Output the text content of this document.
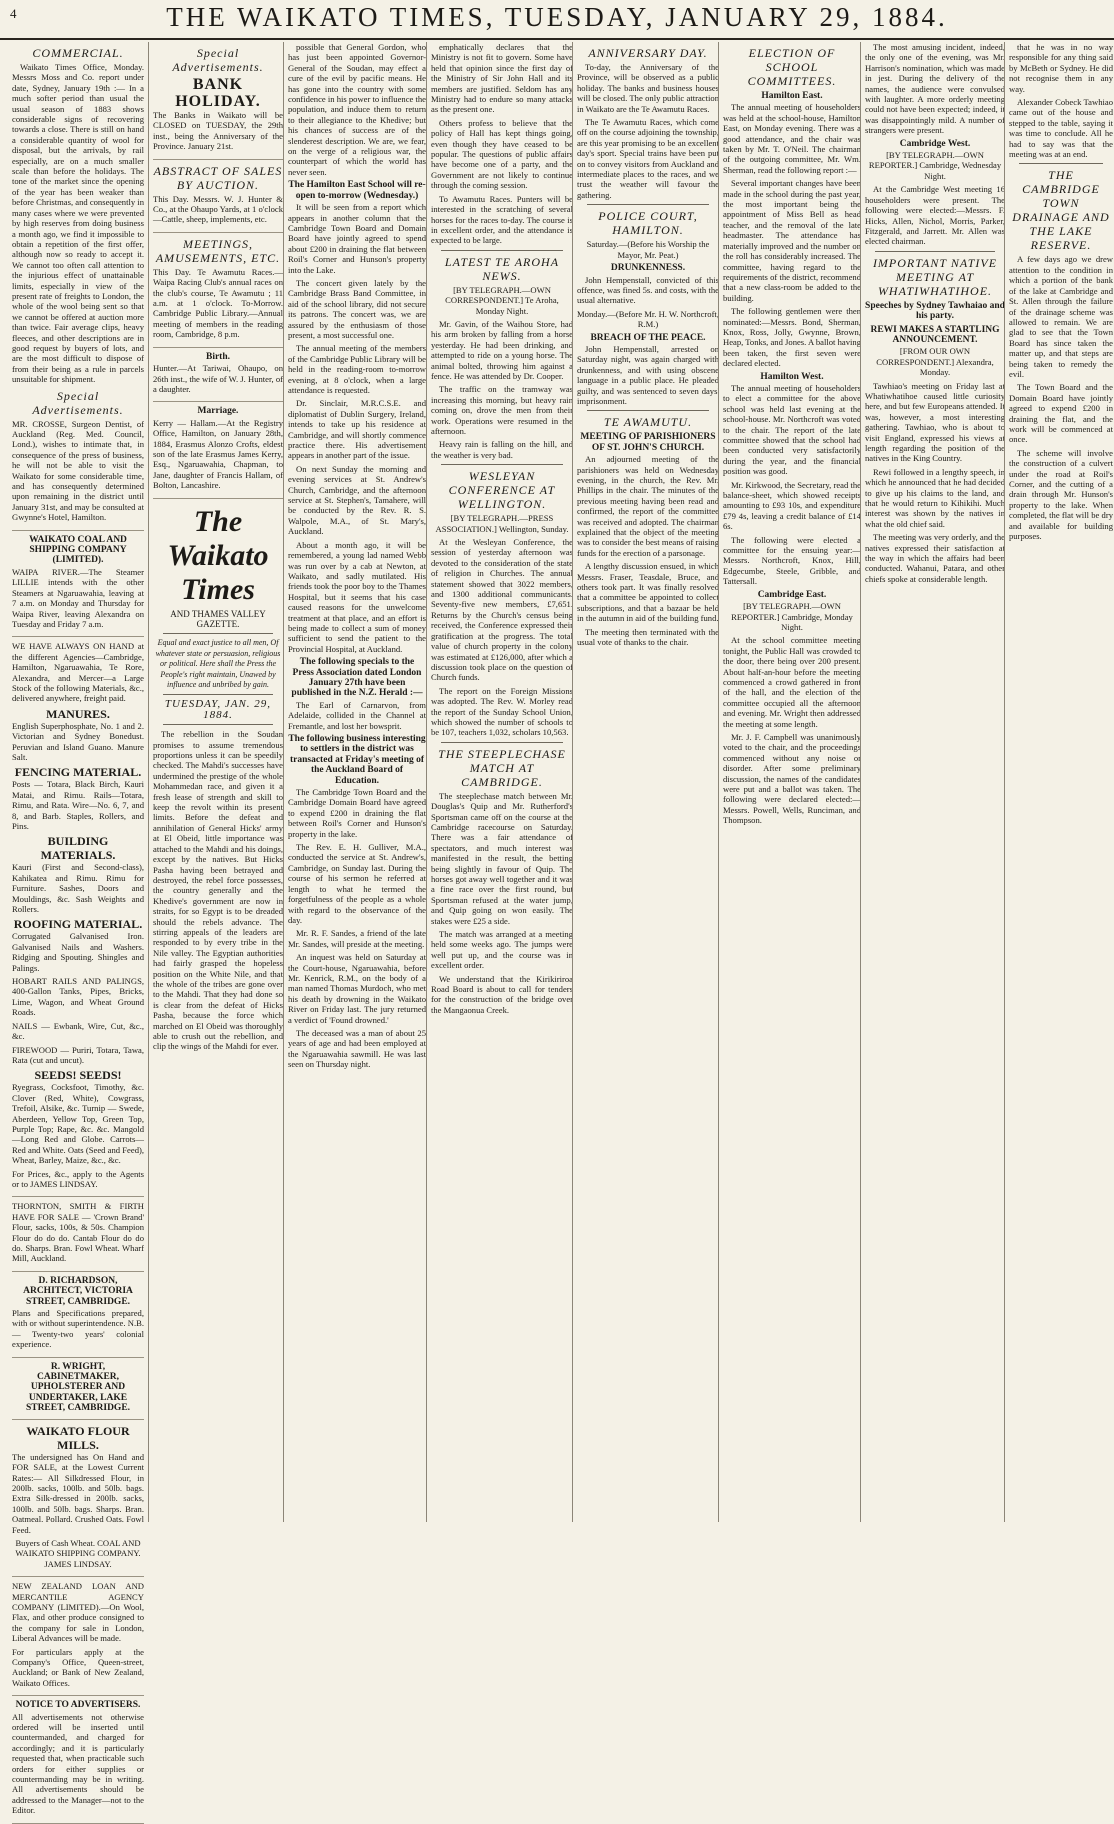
4	THE WAIKATO TIMES, TUESDAY, JANUARY 29, 1884.
COMMERCIAL.

Waikato Times Office, Monday. Messrs Moss and Co. report under date, Sydney, January 19th :— In a much softer period than usual the usual season of 1883 shows considerable signs of recovering towards a close. There is still on hand a considerable quantity of wool for disposal, but the arrivals, by rail especially, are on a much smaller scale than before the holidays. The tone of the market since the opening of the year has been weaker than before Christmas, and consequently in many cases where we were prevented by high reserves from doing business a month ago, we find it impossible to obtain a repetition of the first offer, although now so ready to accept it. We cannot too often call attention to the injurious effect of unattainable limits, especially in view of the present rate of freights to London, the whole of the wool being sent so that we cannot be offered at auction more than twice. Fair average clips, heavy fleeces, and other descriptions are in good request by buyers of lots, and are the most difficult to dispose of from their being as a rule in parcels unsuitable for shipment.

Special Advertisements.

MR. CROSSE, Surgeon Dentist, of Auckland (Reg. Med. Council, Lond.), wishes to intimate that, in consequence of the press of business, he will not be able to visit the Waikato for some considerable time, and has consequently determined upon remaining in the district until January 31st, and may be consulted at Gwynne's Hotel, Hamilton.

WAIKATO COAL AND SHIPPING COMPANY (LIMITED).

WAIPA RIVER.—The Steamer LILLIE intends with the other Steamers at Ngaruawahia, leaving at 7 a.m. on Monday and Thursday for Waipa River, leaving Alexandra on Tuesday and Friday 7 a.m.

WE HAVE ALWAYS ON HAND at the different Agencies—Cambridge, Hamilton, Ngaruawahia, Te Rore, Alexandra, and Mercer—a Large Stock of the following Materials, &c., delivered anywhere, freight paid.

MANURES.

English Superphosphate, No. 1 and 2. Victorian and Sydney Bonedust. Peruvian and Island Guano. Manure Salt.

FENCING MATERIAL.

Posts — Totara, Black Birch, Kauri Matai, and Rimu. Rails—Totara, Rimu, and Rata. Wire—No. 6, 7, and 8, and Barb. Staples, Rollers, and Pins.

BUILDING MATERIALS.

Kauri (First and Second-class), Kahikatea and Rimu. Rimu for Furniture. Sashes, Doors and Mouldings, &c. Sash Weights and Rollers.

ROOFING MATERIAL.

Corrugated Galvanised Iron. Galvanised Nails and Washers. Ridging and Spouting. Shingles and Palings.

HOBART RAILS AND PALINGS, 400-Gallon Tanks, Pipes, Bricks, Lime, Wagon, and Wheat Ground Roads.

NAILS — Ewbank, Wire, Cut, &c., &c.

FIREWOOD — Puriri, Totara, Tawa, Rata (cut and uncut).

SEEDS! SEEDS!

Ryegrass, Cocksfoot, Timothy, &c. Clover (Red, White), Cowgrass, Trefoil, Alsike, &c. Turnip — Swede, Aberdeen, Yellow Top, Green Top, Purple Top; Rape, &c. &c. Mangold—Long Red and Globe. Carrots—Red and White. Oats (Seed and Feed), Wheat, Barley, Maize, &c., &c.

For Prices, &c., apply to the Agents or to JAMES LINDSAY.

THORNTON, SMITH & FIRTH HAVE FOR SALE — 'Crown Brand' Flour, sacks, 100s, & 50s. Champion Flour do do do. Cantab Flour do do do. Sharps. Bran. Fowl Wheat. Wharf Mill, Auckland.

D. RICHARDSON, ARCHITECT, VICTORIA STREET, CAMBRIDGE.

Plans and Specifications prepared, with or without superintendence. N.B. — Twenty-two years' colonial experience.

R. WRIGHT, CABINETMAKER, UPHOLSTERER AND UNDERTAKER, LAKE STREET, CAMBRIDGE.
WAIKATO FLOUR MILLS.

The undersigned has On Hand and FOR SALE, at the Lowest Current Rates:— All Silkdressed Flour, in 200lb. sacks, 100lb. and 50lb. bags. Extra Silk-dressed in 200lb. sacks, 100lb. and 50lb. bags. Sharps. Bran. Oatmeal. Pollard. Crushed Oats. Fowl Feed.

Buyers of Cash Wheat. COAL AND WAIKATO SHIPPING COMPANY. JAMES LINDSAY.

NEW ZEALAND LOAN AND MERCANTILE AGENCY COMPANY (LIMITED).—On Wool, Flax, and other produce consigned to the company for sale in London, Liberal Advances will be made.

For particulars apply at the Company's Office, Queen-street, Auckland; or Bank of New Zealand, Waikato Offices.

NOTICE TO ADVERTISERS.

All advertisements not otherwise ordered will be inserted until countermanded, and charged for accordingly; and it is particularly requested that, when practicable such orders for either supplies or countermanding may be in writing. All advertisements should be addressed to the Manager—not to the Editor.

Special Advertisements.
BANK HOLIDAY.

The Banks in Waikato will be CLOSED on TUESDAY, the 29th inst., being the Anniversary of the Province. January 21st.

ABSTRACT OF SALES BY AUCTION.

This Day. Messrs. W. J. Hunter & Co., at the Ohaupo Yards, at 1 o'clock—Cattle, sheep, implements, etc.

MEETINGS, AMUSEMENTS, ETC.

This Day. Te Awamutu Races.—Waipa Racing Club's annual races on the club's course, Te Awamutu ; 11 a.m. at 1 o'clock. To-Morrow. Cambridge Public Library.—Annual meeting of members in the reading room, Cambridge, 8 p.m.

Birth.

Hunter.—At Tariwai, Ohaupo, on 26th inst., the wife of W. J. Hunter, of a daughter.

Marriage.

Kerry — Hallam.—At the Registry Office, Hamilton, on January 28th, 1884, Erasmus Alonzo Crofts, eldest son of the late Erasmus James Kerry, Esq., Ngaruawahia, Chapman, to Jane, daughter of Francis Hallam, of Bolton, Lancashire.

The Waikato Times
AND THAMES VALLEY GAZETTE.

Equal and exact justice to all men, Of whatever state or persuasion, religious or political. Here shall the Press the People's right maintain, Unawed by influence and unbribed by gain.

TUESDAY, JAN. 29, 1884.

The rebellion in the Soudan promises to assume tremendous proportions unless it can be speedily checked. The Mahdi's successes have undermined the prestige of the whole Mohammedan race, and given it a fresh lease of strength and skill to keep the revolt within its present limits. Before the defeat and annihilation of General Hicks' army at El Obeid, little importance was attached to the Mahdi and his doings, except by the natives. But Hicks Pasha having been betrayed and destroyed, the rebel force possesses, the country generally and the Khedive's government are now in straits, for so Egypt is to be dreaded should the rebels advance. The stirring appeals of the leaders are responded to by every tribe in the Nile valley. The Egyptian authorities had fairly grasped the hopeless position on the White Nile, and that the whole of the tribes are gone over to the Mahdi. That they had done so is clear from the defeat of Hicks Pasha, because the force which marched on El Obeid was thoroughly able to crush out the rebellion, and clip the wings of the Mahdi for ever.

possible that General Gordon, who has just been appointed Governor-General of the Soudan, may effect a cure of the evil by pacific means. He has gone into the country with some confidence in his power to influence the population, and induce them to return to their allegiance to the Khedive; but his chances of success are of the slenderest description. We are, we fear, on the verge of a religious war, the counterpart of which the world has never seen.

The Hamilton East School will re-open to-morrow (Wednesday.)

It will be seen from a report which appears in another column that the Cambridge Town Board and Domain Board have jointly agreed to spend about £200 in draining the flat between Roil's Corner and Hunson's property into the Lake.

The concert given lately by the Cambridge Brass Band Committee, in aid of the school library, did not secure its patrons. The concert was, we are assured by the enthusiasm of those present, a most successful one.

The annual meeting of the members of the Cambridge Public Library will be held in the reading-room to-morrow evening, at 8 o'clock, when a large attendance is requested.

Dr. Sinclair, M.R.C.S.E. and diplomatist of Dublin Surgery, Ireland, intends to take up his residence at Cambridge, and will shortly commence practice there. His advertisement appears in another part of the issue.

On next Sunday the morning and evening services at St. Andrew's Church, Cambridge, and the afternoon service at St. Stephen's, Tamahere, will be conducted by the Rev. R. S. Walpole, M.A., of St. Mary's, Auckland.

About a month ago, it will be remembered, a young lad named Webb was run over by a cab at Newton, at Waikato, and sadly mutilated. His friends took the poor boy to the Thames Hospital, but it seems that his case caused reasons for the unwelcome treatment at that place, and an effort is being made to collect a sum of money sufficient to send the patient to the Provincial Hospital, at Auckland.

The following specials to the Press Association dated London January 27th have been published in the N.Z. Herald :—

The Earl of Carnarvon, from Adelaide, collided in the Channel at Fremantle, and lost her bowsprit.

The following business interesting to settlers in the district was transacted at Friday's meeting of the Auckland Board of Education.

The Cambridge Town Board and the Cambridge Domain Board have agreed to expend £200 in draining the flat between Roil's Corner and Hunson's property in the lake.

The Rev. E. H. Gulliver, M.A., conducted the service at St. Andrew's, Cambridge, on Sunday last. During the course of his sermon he referred at length to what he termed the forgetfulness of the people as a whole with regard to the observance of the day.

Mr. R. F. Sandes, a friend of the late Mr. Sandes, will preside at the meeting.

An inquest was held on Saturday at the Court-house, Ngaruawahia, before Mr. Kenrick, R.M., on the body of a man named Thomas Murdoch, who met his death by drowning in the Waikato River on Friday last. The jury returned a verdict of 'Found drowned.'

The deceased was a man of about 25 years of age and had been employed at the Ngaruawahia sawmill. He was last seen on Thursday night.

emphatically declares that the Ministry is not fit to govern. Some have held that opinion since the first day of the Ministry of Sir John Hall and its members are justified. Seldom has any Ministry had to endure so many attacks as the present one.

Others profess to believe that the policy of Hall has kept things going, even though they have ceased to be popular. The questions of public affairs have become one of a party, and the Government are not likely to continue through the coming session.

To Awamutu Races. Punters will be interested in the scratching of several horses for the races to-day. The course is in excellent order, and the attendance is expected to be large.

LATEST TE AROHA NEWS.

[BY TELEGRAPH.—OWN CORRESPONDENT.] Te Aroha, Monday Night.

Mr. Gavin, of the Waihou Store, had his arm broken by falling from a horse yesterday. He had been drinking, and attempted to ride on a young horse. The animal bolted, throwing him against a fence. He was attended by Dr. Cooper.

The traffic on the tramway was increasing this morning, but heavy rain coming on, drove the men from their work. Operations were resumed in the afternoon.

Heavy rain is falling on the hill, and the weather is very bad.

WESLEYAN CONFERENCE AT WELLINGTON.

[BY TELEGRAPH.—PRESS ASSOCIATION.] Wellington, Sunday.

At the Wesleyan Conference, the session of yesterday afternoon was devoted to the consideration of the state of religion in Churches. The annual statement showed that 3022 members, and 1300 additional communicants. Seventy-five new members, £7,651. Returns by the Church's census being received, the Conference expressed their gratification at the progress. The total value of church property in the colony was estimated at £126,000, after which a discussion took place on the question of Church funds.

The report on the Foreign Missions was adopted. The Rev. W. Morley read the report of the Sunday School Union, which showed the number of schools to be 107, teachers 1,032, scholars 10,563.

THE STEEPLECHASE MATCH AT CAMBRIDGE.

The steeplechase match between Mr. Douglas's Quip and Mr. Rutherford's Sportsman came off on the course at the Cambridge racecourse on Saturday. There was a fair attendance of spectators, and much interest was manifested in the result, the betting being slightly in favour of Quip. The horses got away well together and it was a fine race over the first round, but Sportsman refused at the water jump, and Quip going on won easily. The stakes were £25 a side.

The match was arranged at a meeting held some weeks ago. The jumps were well put up, and the course was in excellent order.

We understand that the Kirikiriroa Road Board is about to call for tenders for the construction of the bridge over the Mangaonua Creek.

ANNIVERSARY DAY.

To-day, the Anniversary of the Province, will be observed as a public holiday. The banks and business houses will be closed. The only public attraction in Waikato are the Te Awamutu Races.

The Te Awamutu Races, which come off on the course adjoining the township, are this year promising to be an excellent day's sport. Special trains have been put on to convey visitors from Auckland and intermediate places to the races, and we trust the weather will favour the gathering.

POLICE COURT, HAMILTON.

Saturday.—(Before his Worship the Mayor, Mr. Peat.)

DRUNKENNESS.

John Hempenstall, convicted of this offence, was fined 5s. and costs, with the usual alternative.

Monday.—(Before Mr. H. W. Northcroft, R.M.)

BREACH OF THE PEACE.

John Hempenstall, arrested on Saturday night, was again charged with drunkenness, and with using obscene language in a public place. He pleaded guilty, and was sentenced to seven days' imprisonment.

TE AWAMUTU.
MEETING OF PARISHIONERS OF ST. JOHN'S CHURCH.

An adjourned meeting of the parishioners was held on Wednesday evening, in the church, the Rev. Mr. Phillips in the chair. The minutes of the previous meeting having been read and confirmed, the report of the committee was received and adopted. The chairman explained that the object of the meeting was to consider the best means of raising funds for the erection of a parsonage.

A lengthy discussion ensued, in which Messrs. Fraser, Teasdale, Bruce, and others took part. It was finally resolved that a committee be appointed to collect subscriptions, and that a bazaar be held in the autumn in aid of the building fund.

The meeting then terminated with the usual vote of thanks to the chair.

ELECTION OF SCHOOL COMMITTEES.
Hamilton East.

The annual meeting of householders was held at the school-house, Hamilton East, on Monday evening. There was a good attendance, and the chair was taken by Mr. T. O'Neil. The chairman of the outgoing committee, Mr. Wm. Sherman, read the following report :—

Several important changes have been made in the school during the past year, the most important being the appointment of Miss Bell as head teacher, and the removal of the late headmaster. The attendance has materially improved and the number on the roll has considerably increased. The committee, having regard to the requirements of the district, recommend that a new class-room be added to the building.

The following gentlemen were then nominated:—Messrs. Bond, Sherman, Knox, Ross, Jolly, Gwynne, Brown, Heap, Tonks, and Jones. A ballot having been taken, the first seven were declared elected.

Hamilton West.

The annual meeting of householders to elect a committee for the above school was held last evening at the school-house. Mr. Northcroft was voted to the chair. The report of the late committee showed that the school had been conducted very satisfactorily during the year, and the financial position was good.

Mr. Kirkwood, the Secretary, read the balance-sheet, which showed receipts amounting to £93 10s, and expenditure £79 4s, leaving a credit balance of £14 6s.

The following were elected a committee for the ensuing year:—Messrs. Northcroft, Knox, Hill, Edgecumbe, Steele, Gribble, and Tattersall.

Cambridge East.

[BY TELEGRAPH.—OWN REPORTER.] Cambridge, Monday Night.

At the school committee meeting tonight, the Public Hall was crowded to the door, there being over 200 present. About half-an-hour before the meeting commenced a crowd gathered in front of the hall, and the election of the committee occupied all the afternoon and evening. Mr. Wright then addressed the meeting at some length.

Mr. J. F. Campbell was unanimously voted to the chair, and the proceedings commenced without any noise or disorder. After some preliminary discussion, the names of the candidates were put and a ballot was taken. The following were declared elected:—Messrs. Powell, Wells, Runciman, and Thompson.

The most amusing incident, indeed, the only one of the evening, was Mr. Harrison's nomination, which was made in jest. During the delivery of the names, the audience were convulsed with laughter. A more orderly meeting could not have been expected; indeed, it was disappointingly mild. A number of strangers were present.

Cambridge West.

[BY TELEGRAPH.—OWN REPORTER.] Cambridge, Wednesday Night.

At the Cambridge West meeting 16 householders were present. The following were elected:—Messrs. F. Hicks, Allen, Nichol, Morris, Parker, Fitzgerald, and Jarrett. Mr. Allen was elected chairman.

IMPORTANT NATIVE MEETING AT WHATIWHATIHOE.
Speeches by Sydney Tawhaiao and his party.
REWI MAKES A STARTLING ANNOUNCEMENT.

[FROM OUR OWN CORRESPONDENT.] Alexandra, Monday.

Tawhiao's meeting on Friday last at Whatiwhatihoe caused little curiosity here, and but few Europeans attended. It was, however, a most interesting gathering. Tawhiao, who is about to visit England, expressed his views at length regarding the position of the natives in the King Country.

Rewi followed in a lengthy speech, in which he announced that he had decided to give up his claims to the land, and that he would return to Kihikihi. Much interest was shown by the natives in what the old chief said.

The meeting was very orderly, and the natives expressed their satisfaction at the way in which the affairs had been conducted. Wahanui, Patara, and other chiefs spoke at considerable length.

that he was in no way responsible for any thing said by McBeth or Sydney. He did not recognise them in any way.

Alexander Cobeck Tawhiao came out of the house and stepped to the table, saying it was time to conclude. All he had to say was that the meeting was at an end.

THE CAMBRIDGE TOWN DRAINAGE AND THE LAKE RESERVE.

A few days ago we drew attention to the condition in which a portion of the bank of the lake at Cambridge and St. Allen through the failure of the drainage scheme was allowed to remain. We are glad to see that the Town Board has since taken the matter up, and that steps are being taken to remedy the evil.

The Town Board and the Domain Board have jointly agreed to expend £200 in draining the flat, and the work will be commenced at once.

The scheme will involve the construction of a culvert under the road at Roil's Corner, and the cutting of a drain through Mr. Hunson's property to the lake. When completed, the flat will be dry and available for building purposes.
